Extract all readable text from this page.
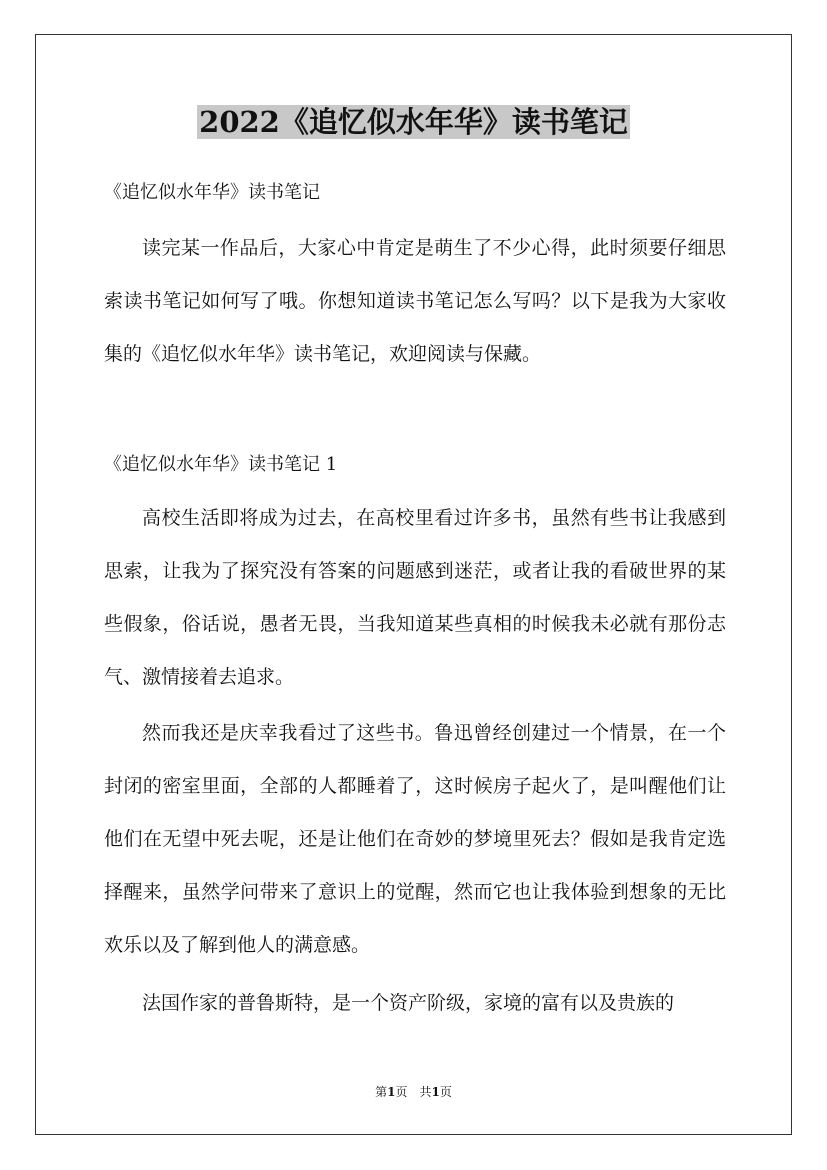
2022《追忆似水年华》读书笔记

《追忆似水年华》读书笔记

读完某一作品后，大家心中肯定是萌生了不少心得，此时须要仔细思索读书笔记如何写了哦。你想知道读书笔记怎么写吗？以下是我为大家收集的《追忆似水年华》读书笔记，欢迎阅读与保藏。

《追忆似水年华》读书笔记 1

高校生活即将成为过去，在高校里看过许多书，虽然有些书让我感到思索，让我为了探究没有答案的问题感到迷茫，或者让我的看破世界的某些假象，俗话说，愚者无畏，当我知道某些真相的时候我未必就有那份志气、激情接着去追求。

然而我还是庆幸我看过了这些书。鲁迅曾经创建过一个情景，在一个封闭的密室里面，全部的人都睡着了，这时候房子起火了，是叫醒他们让他们在无望中死去呢，还是让他们在奇妙的梦境里死去？假如是我肯定选择醒来，虽然学问带来了意识上的觉醒，然而它也让我体验到想象的无比欢乐以及了解到他人的满意感。

法国作家的普鲁斯特，是一个资产阶级，家境的富有以及贵族的

第1页　共1页
